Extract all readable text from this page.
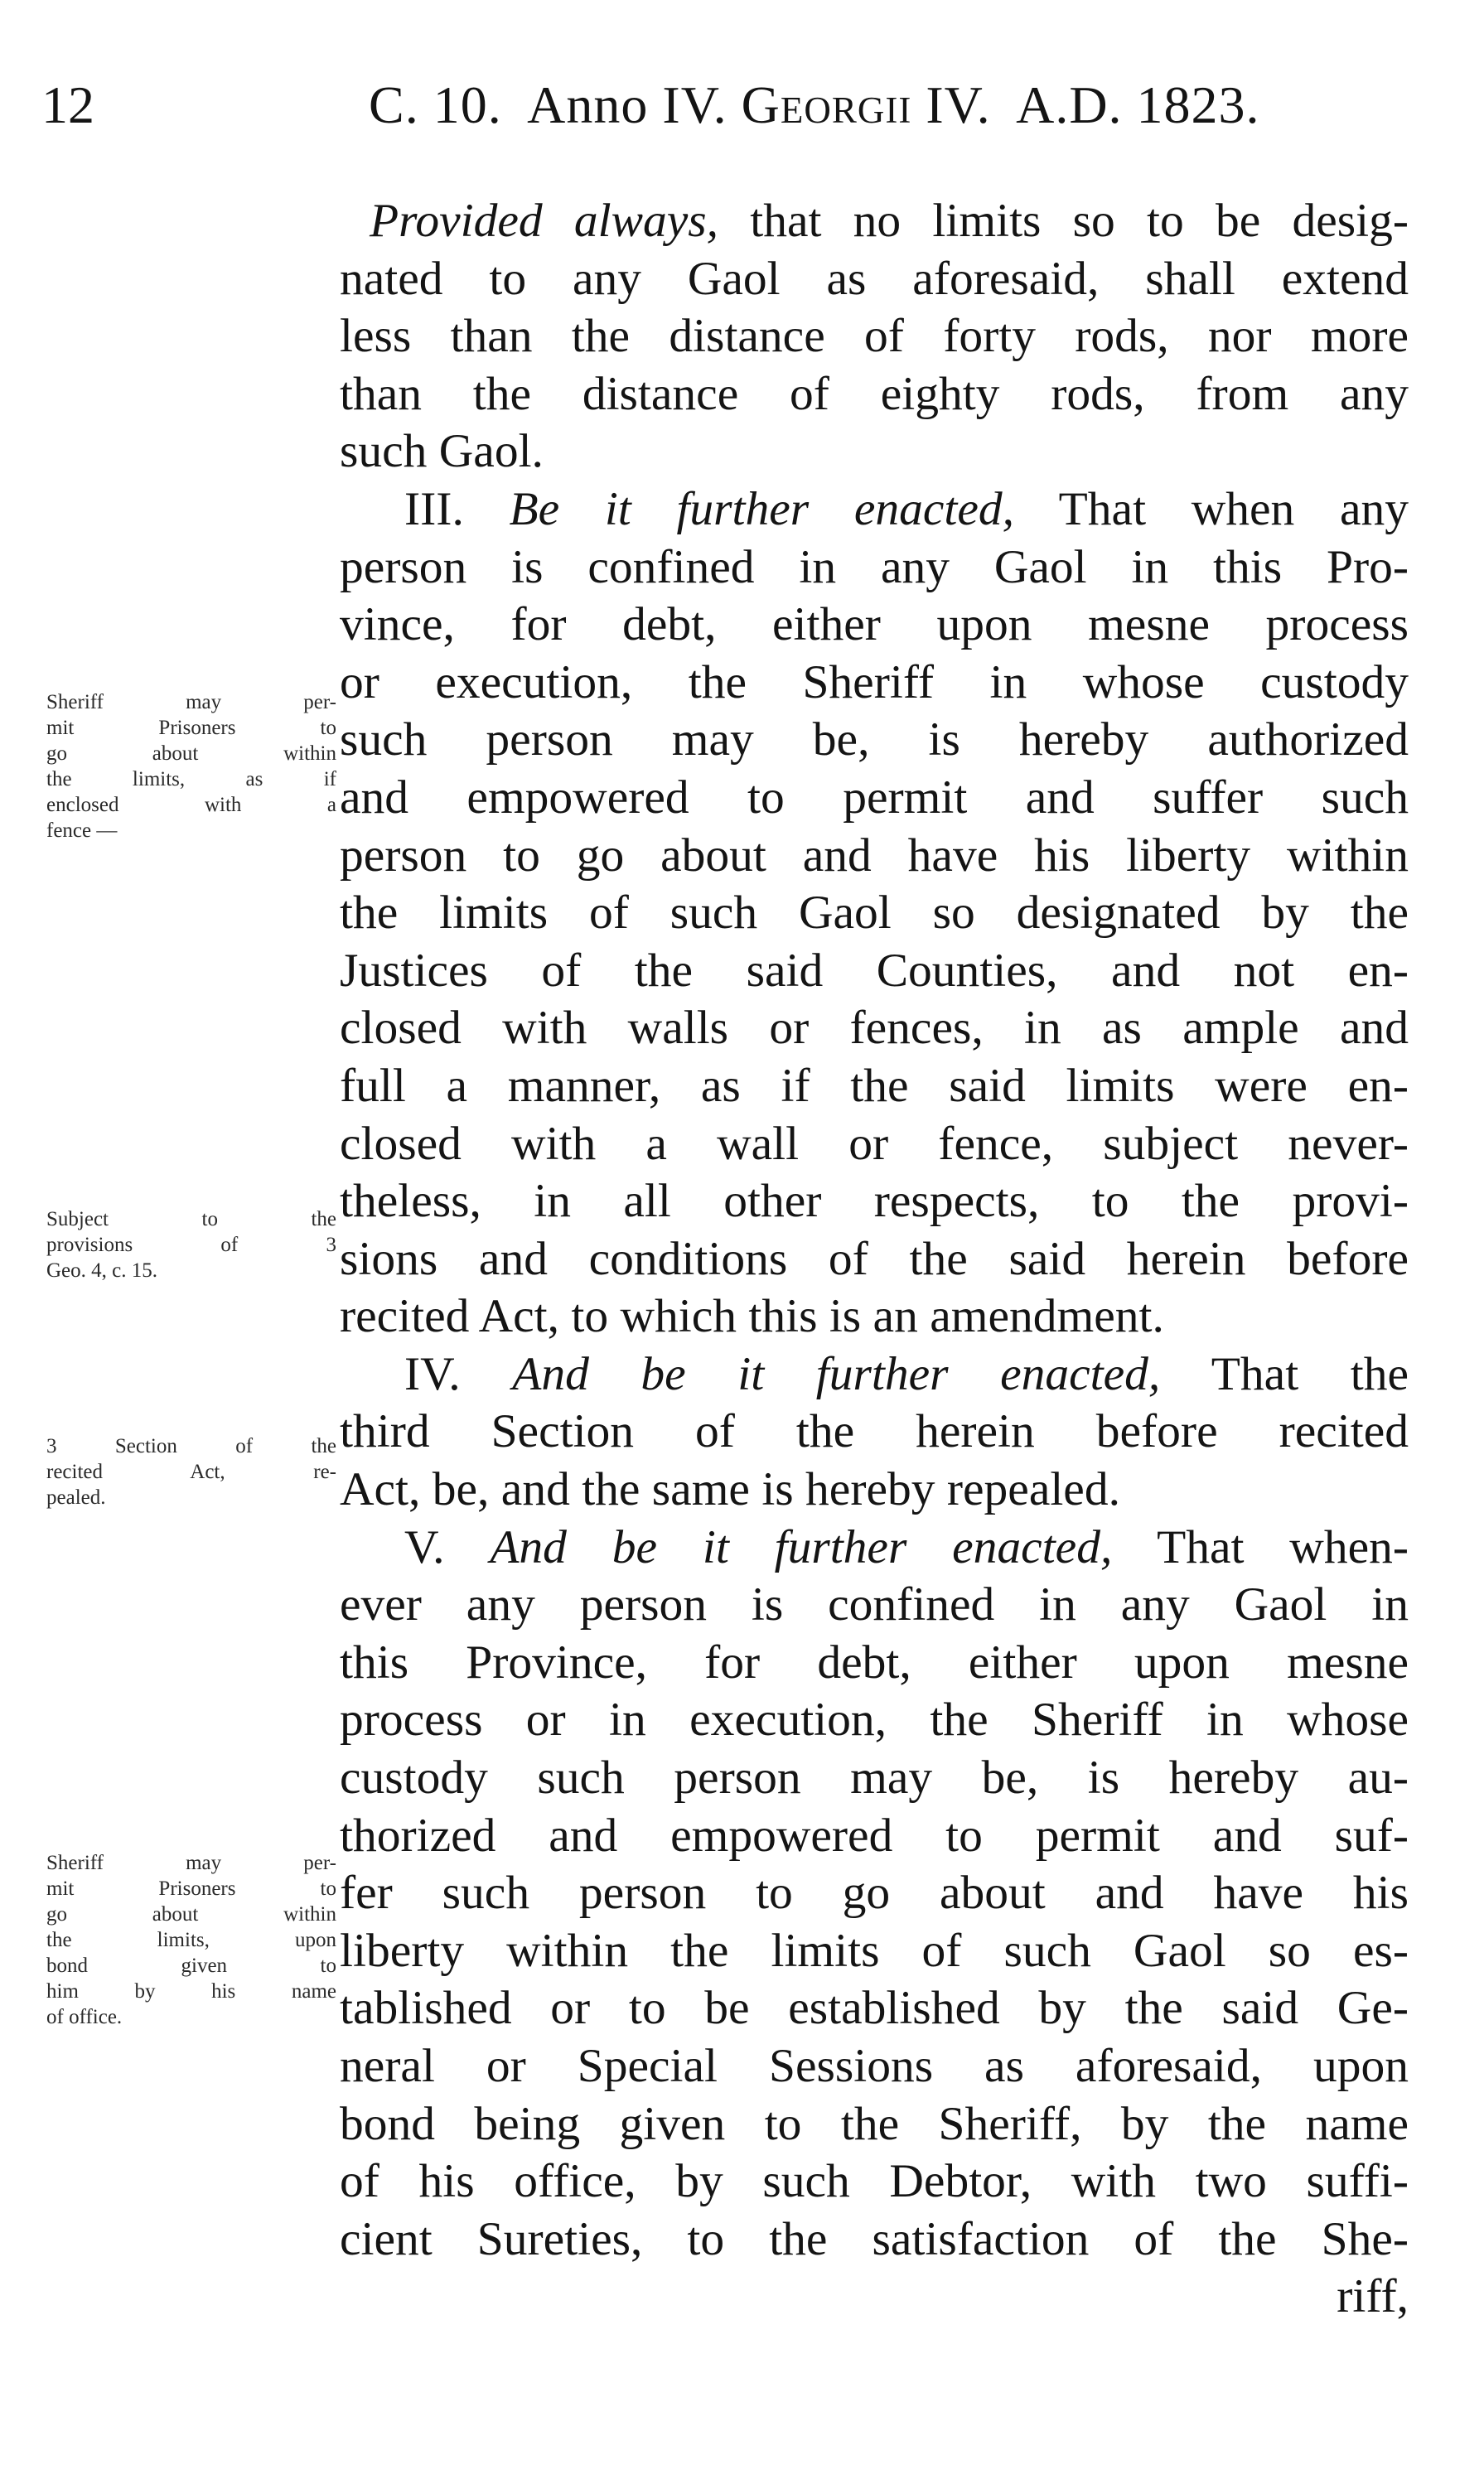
12	C. 10. Anno IV. Georgii IV. A.D. 1823.
Provided always, that no limits so to be desig-
nated to any Gaol as aforesaid, shall extend
less than the distance of forty rods, nor more
than the distance of eighty rods, from any
such Gaol.
III. Be it further enacted, That when any
person is confined in any Gaol in this Pro-
vince, for debt, either upon mesne process
or execution, the Sheriff in whose custody
such person may be, is hereby authorized
and empowered to permit and suffer such
person to go about and have his liberty within
the limits of such Gaol so designated by the
Justices of the said Counties, and not en-
closed with walls or fences, in as ample and
full a manner, as if the said limits were en-
closed with a wall or fence, subject never-
theless, in all other respects, to the provi-
sions and conditions of the said herein before
recited Act, to which this is an amendment.
IV. And be it further enacted, That the
third Section of the herein before recited
Act, be, and the same is hereby repealed.
V. And be it further enacted, That when-
ever any person is confined in any Gaol in
this Province, for debt, either upon mesne
process or in execution, the Sheriff in whose
custody such person may be, is hereby au-
thorized and empowered to permit and suf-
fer such person to go about and have his
liberty within the limits of such Gaol so es-
tablished or to be established by the said Ge-
neral or Special Sessions as aforesaid, upon
bond being given to the Sheriff, by the name
of his office, by such Debtor, with two suffi-
cient Sureties, to the satisfaction of the She-
riff,
Sheriff may per-
mit Prisoners to
go about within
the limits, as if
enclosed with a
fence —
Subject to the
provisions of 3
Geo. 4, c. 15.
3 Section of the
recited Act, re-
pealed.
Sheriff may per-
mit Prisoners to
go about within
the limits, upon
bond given to
him by his name
of office.
